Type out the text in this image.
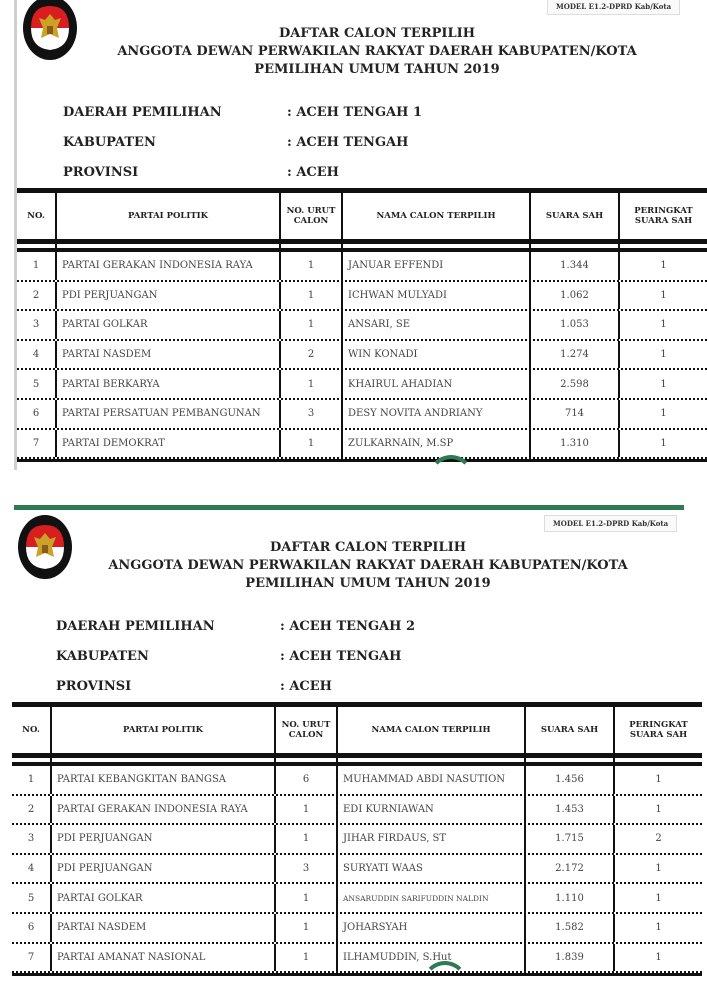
MODEL E1.2-DPRD Kab/Kota
DAFTAR CALON TERPILIH
ANGGOTA DEWAN PERWAKILAN RAKYAT DAERAH KABUPATEN/KOTA
PEMILIHAN UMUM TAHUN 2019
DAERAH PEMILIHAN	: ACEH TENGAH 1
KABUPATEN	: ACEH TENGAH
PROVINSI	: ACEH
NO.	PARTAI POLITIK	NO. URUT CALON	NAMA CALON TERPILIH	SUARA SAH	PERINGKAT SUARA SAH
1	PARTAI GERAKAN INDONESIA RAYA	1	JANUAR EFFENDI	1.344	1
2	PDI PERJUANGAN	1	ICHWAN MULYADI	1.062	1
3	PARTAI GOLKAR	1	ANSARI, SE	1.053	1
4	PARTAI NASDEM	2	WIN KONADI	1.274	1
5	PARTAI BERKARYA	1	KHAIRUL AHADIAN	2.598	1
6	PARTAI PERSATUAN PEMBANGUNAN	3	DESY NOVITA ANDRIANY	714	1
7	PARTAI DEMOKRAT	1	ZULKARNAIN, M.SP	1.310	1
MODEL E1.2-DPRD Kab/Kota
DAFTAR CALON TERPILIH
ANGGOTA DEWAN PERWAKILAN RAKYAT DAERAH KABUPATEN/KOTA
PEMILIHAN UMUM TAHUN 2019
DAERAH PEMILIHAN	: ACEH TENGAH 2
KABUPATEN	: ACEH TENGAH
PROVINSI	: ACEH
NO.	PARTAI POLITIK	NO. URUT CALON	NAMA CALON TERPILIH	SUARA SAH	PERINGKAT SUARA SAH
1	PARTAI KEBANGKITAN BANGSA	6	MUHAMMAD ABDI NASUTION	1.456	1
2	PARTAI GERAKAN INDONESIA RAYA	1	EDI KURNIAWAN	1.453	1
3	PDI PERJUANGAN	1	JIHAR FIRDAUS, ST	1.715	2
4	PDI PERJUANGAN	3	SURYATI WAAS	2.172	1
5	PARTAI GOLKAR	1	ANSARUDDIN SARIFUDDIN NALDIN	1.110	1
6	PARTAI NASDEM	1	JOHARSYAH	1.582	1
7	PARTAI AMANAT NASIONAL	1	ILHAMUDDIN, S.Hut	1.839	1
